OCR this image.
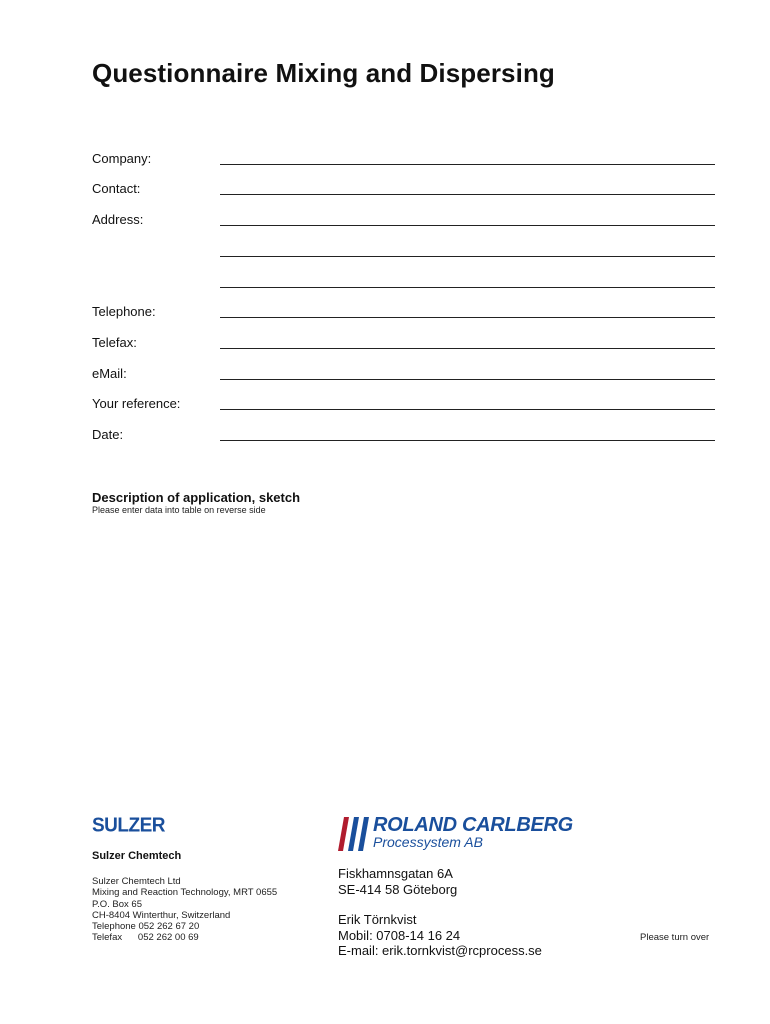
Questionnaire Mixing and Dispersing
Company:
Contact:
Address:
Telephone:
Telefax:
eMail:
Your reference:
Date:
Description of application, sketch
Please enter data into table on reverse side
SULZER
Sulzer Chemtech
Sulzer Chemtech Ltd
Mixing and Reaction Technology, MRT 0655
P.O. Box 65
CH-8404 Winterthur, Switzerland
Telephone 052 262 67 20
Telefax      052 262 00 69
ROLAND CARLBERG
Processystem AB
Fiskhamnsgatan 6A
SE-414 58 Göteborg
Erik Törnkvist
Mobil: 0708-14 16 24
E-mail: erik.tornkvist@rcprocess.se
Please turn over
